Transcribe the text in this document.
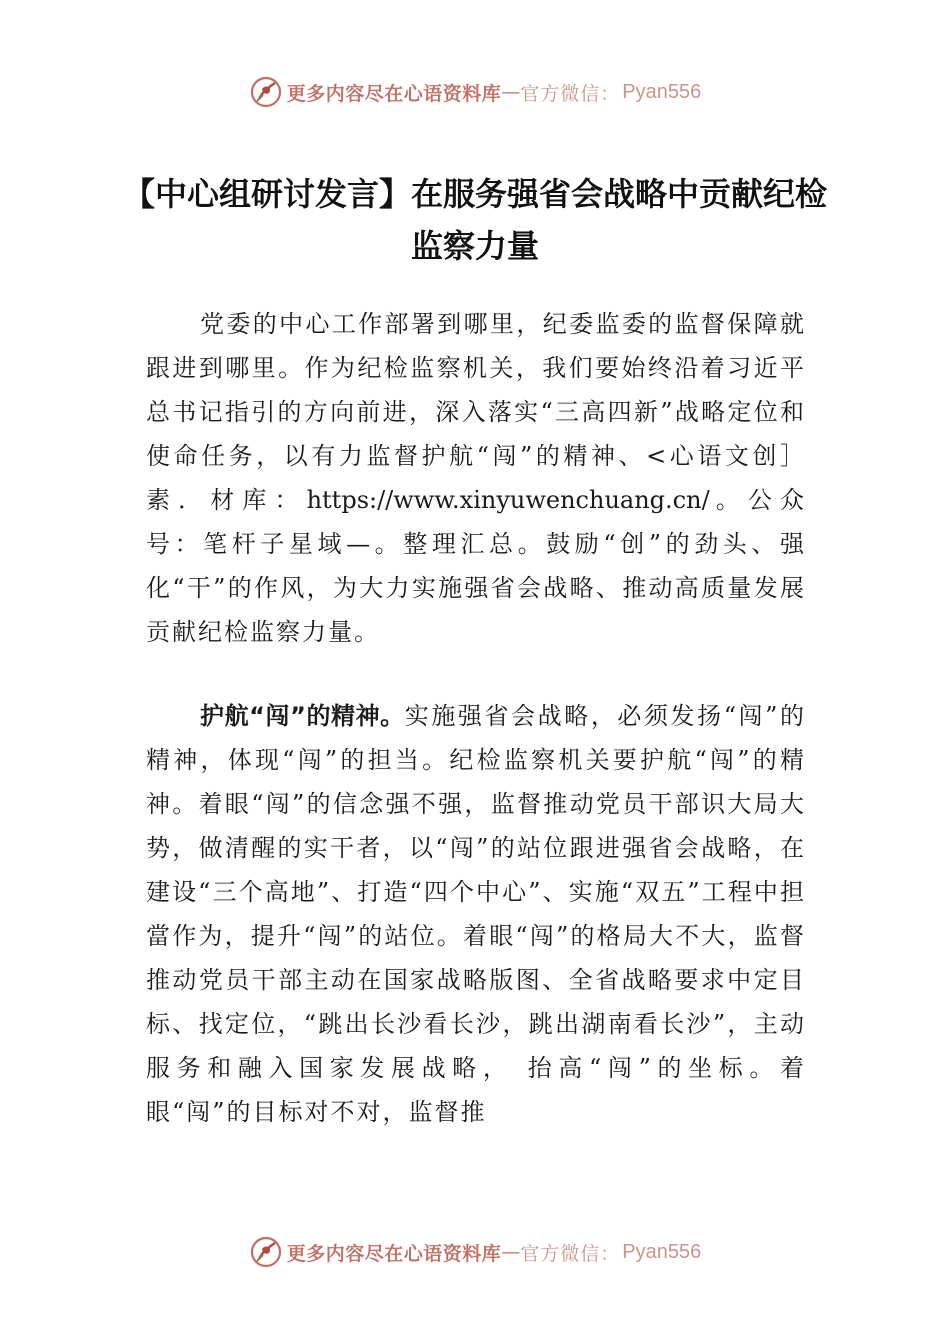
更多内容尽在心语资料库 — 官方微信： Pyan556
【中心组研讨发言】在服务强省会战略中贡献纪检监察力量

党委的中心工作部署到哪里，纪委监委的监督保障就跟进到哪里。作为纪检监察机关，我们要始终沿着习近平总书记指引的方向前进，深入落实“三高四新”战略定位和使命任务，以有力监督护航“闯”的精神、<心语文创］素．材库：https://www.xinyuwenchuang.cn/。公众号：笔杆子星域—。整理汇总。鼓励“创”的劲头、强化“干”的作风，为大力实施强省会战略、推动高质量发展贡献纪检监察力量。

护航“闯”的精神。实施强省会战略，必须发扬“闯”的精神，体现“闯”的担当。纪检监察机关要护航“闯”的精神。着眼“闯”的信念强不强，监督推动党员干部识大局大势，做清醒的实干者，以“闯”的站位跟进强省会战略，在建设“三个高地”、打造“四个中心”、实施“双五”工程中担當作为，提升“闯”的站位。着眼“闯”的格局大不大，监督推动党员干部主动在国家战略版图、全省战略要求中定目标、找定位，“跳出长沙看长沙，跳出湖南看长沙”，主动服务和融入国家发展战略， 抬高“闯”的坐标。着眼“闯”的目标对不对，监督推

更多内容尽在心语资料库 — 官方微信： Pyan556
